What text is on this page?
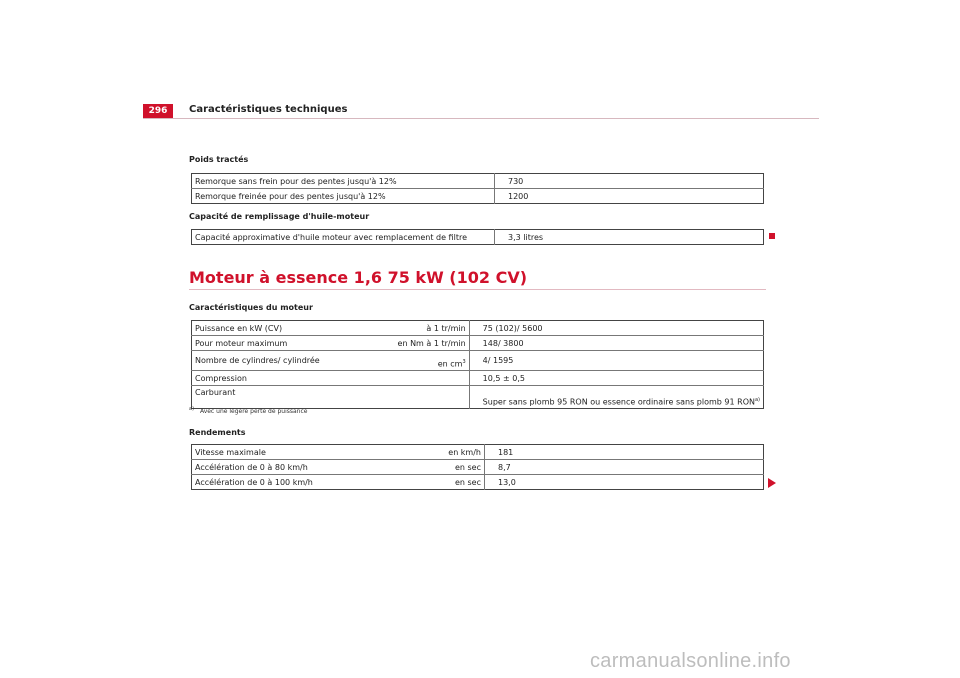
296	Caractéristiques techniques
Poids tractés
Remorque sans frein pour des pentes jusqu'à 12%	730
Remorque freinée pour des pentes jusqu'à 12%	1200
Capacité de remplissage d'huile-moteur
Capacité approximative d'huile moteur avec remplacement de filtre	3,3 litres
Moteur à essence 1,6 75 kW (102 CV)
Caractéristiques du moteur
Puissance en kW (CV)	à 1 tr/min	75 (102)/ 5600
Pour moteur maximum	en Nm à 1 tr/min	148/ 3800
Nombre de cylindres/ cylindrée	en $cm^3$	4/ 1595
Compression		10,5 ± 0,5
Carburant		Super sans plomb 95 RON ou essence ordinaire sans plomb 91 RON$^{a)}$
$^{a)}$ Avec une légère perte de puissance
Rendements
Vitesse maximale	en km/h	181
Accélération de 0 à 80 km/h	en sec	8,7
Accélération de 0 à 100 km/h	en sec	13,0
carmanualsonline.info
